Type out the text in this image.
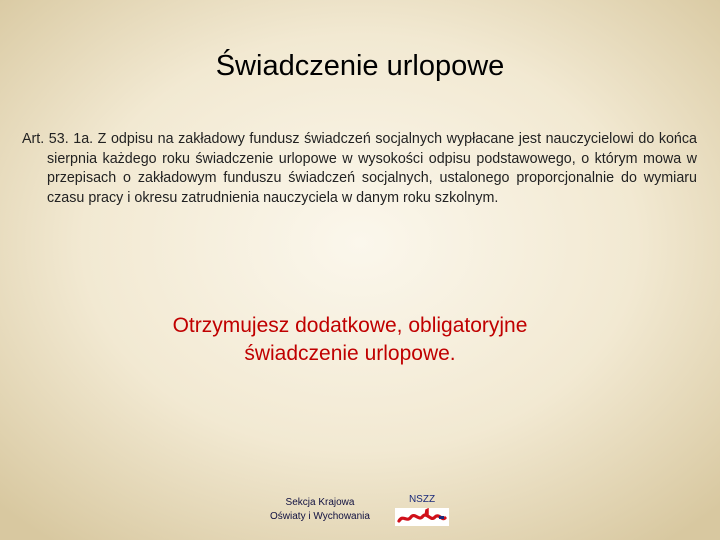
Świadczenie urlopowe

Art. 53. 1a. Z odpisu na zakładowy fundusz świadczeń socjalnych wypłacane jest nauczycielowi do końca sierpnia każdego roku świadczenie urlopowe w wysokości odpisu podstawowego, o którym mowa w przepisach o zakładowym funduszu świadczeń socjalnych, ustalonego proporcjonalnie do wymiaru czasu pracy i okresu zatrudnienia nauczyciela w danym roku szkolnym.

Otrzymujesz dodatkowe, obligatoryjne
świadczenie urlopowe.
Sekcja Krajowa
Oświaty i Wychowania
NSZZ
